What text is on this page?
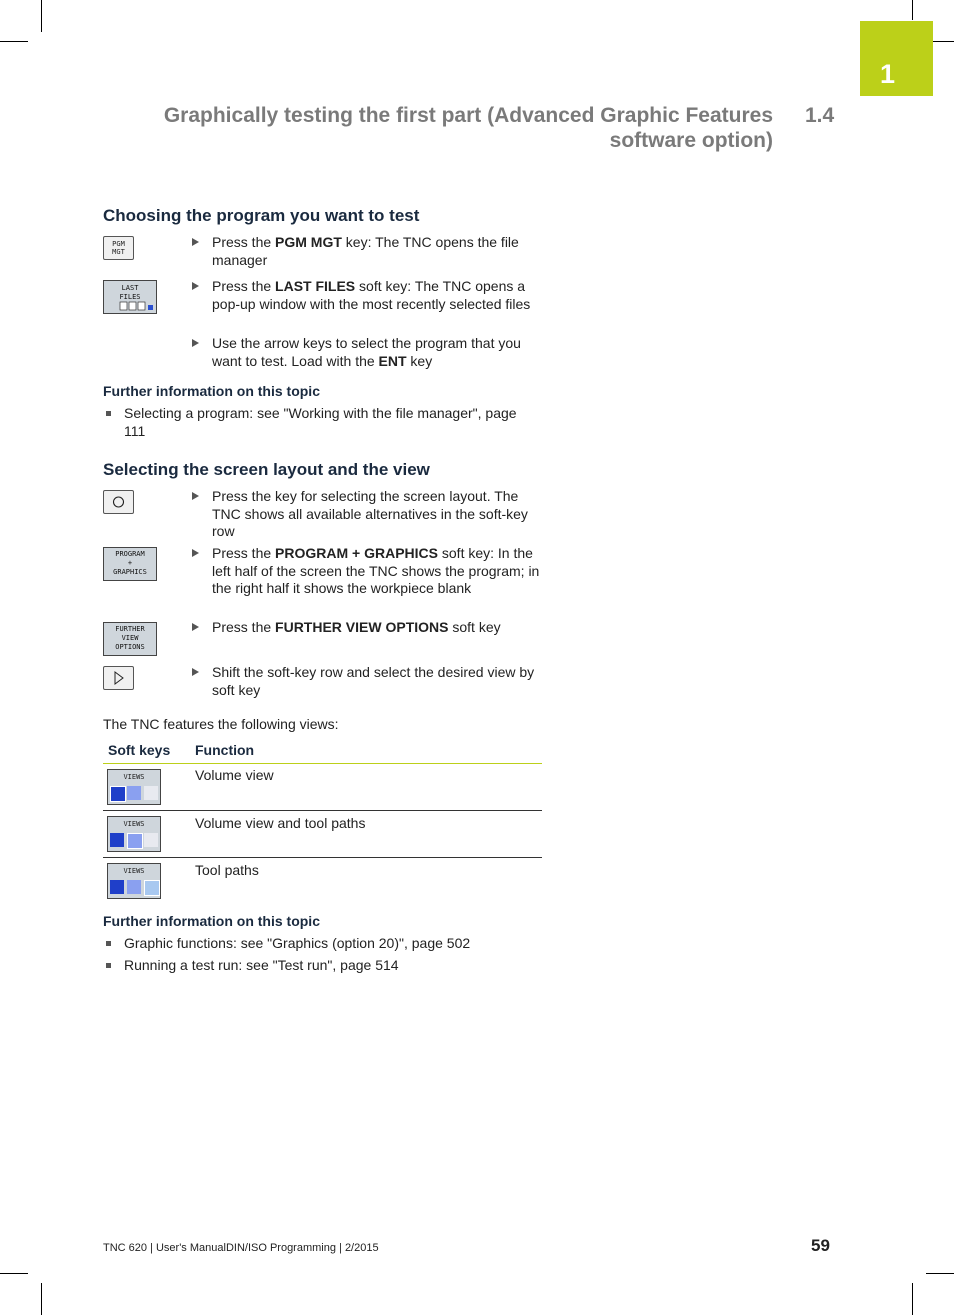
1
Graphically testing the first part (Advanced Graphic Features
software option)
1.4
Choosing the program you want to test
PGM
MGT
Press the PGM MGT key: The TNC opens the file manager
LAST
FILES
Press the LAST FILES soft key: The TNC opens a pop-up window with the most recently selected files
Use the arrow keys to select the program that you want to test. Load with the ENT key
Further information on this topic
Selecting a program: see "Working with the file manager", page 111
Selecting the screen layout and the view
Press the key for selecting the screen layout. The TNC shows all available alternatives in the soft-key row
PROGRAM
+
GRAPHICS
Press the PROGRAM + GRAPHICS soft key: In the left half of the screen the TNC shows the program; in the right half it shows the workpiece blank
FURTHER
VIEW
OPTIONS
Press the FURTHER VIEW OPTIONS soft key
Shift the soft-key row and select the desired view by soft key
The TNC features the following views:
Soft keys Function
VIEWS	Volume view
VIEWS	Volume view and tool paths
VIEWS	Tool paths
Further information on this topic
Graphic functions: see "Graphics (option 20)", page 502
Running a test run: see "Test run", page 514
TNC 620 | User's ManualDIN/ISO Programming | 2/2015	59
